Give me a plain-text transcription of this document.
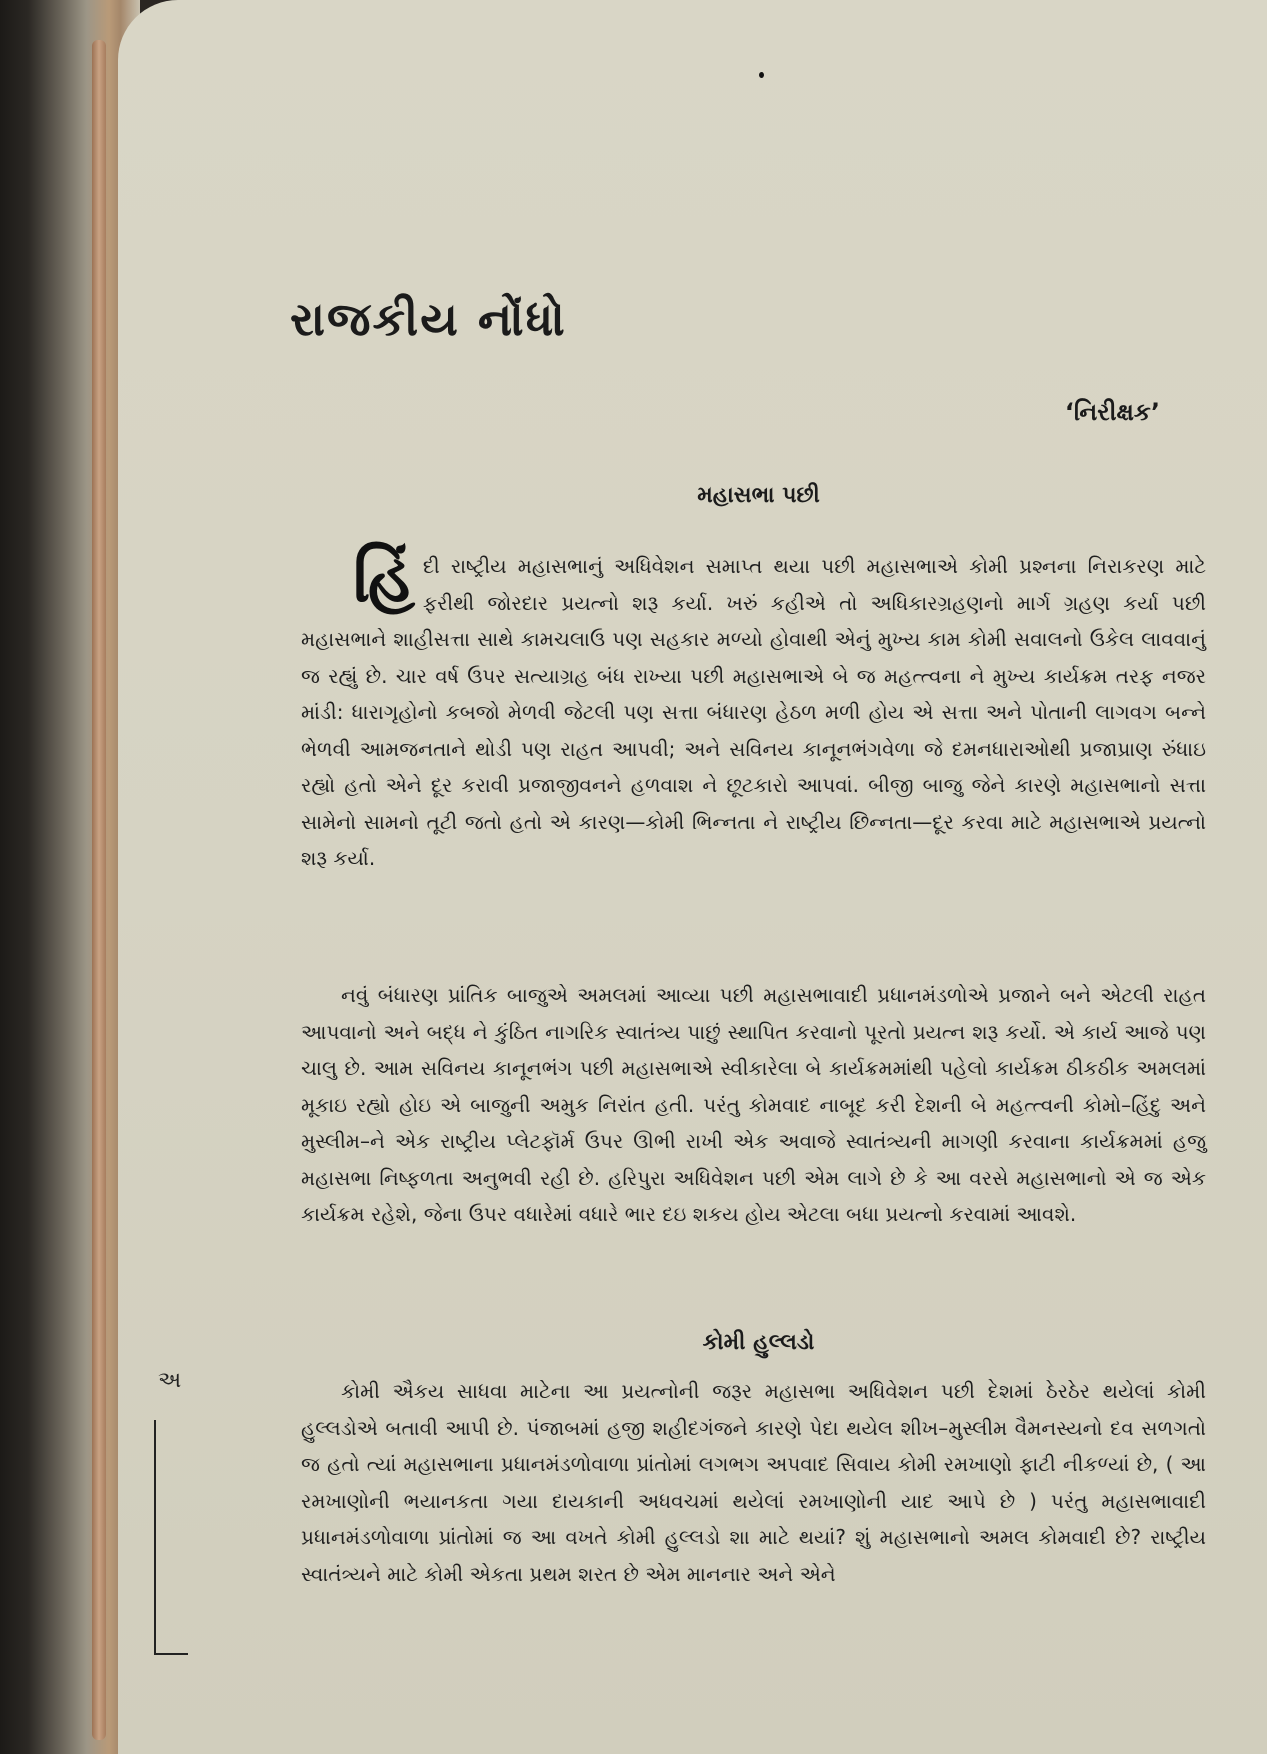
અ
રાજકીય નોંધો
‘નિરીક્ષક’
મહાસભા પછી
હિંદી રાષ્ટ્રીય મહાસભાનું અધિવેશન સમાપ્ત થયા પછી મહાસભાએ કોમી પ્રશ્નના નિરાકરણ માટે ફરીથી જોરદાર પ્રયત્નો શરૂ કર્યા. ખરું કહીએ તો અધિકારગ્રહણનો માર્ગ ગ્રહણ કર્યા પછી મહાસભાને શાહીસત્તા સાથે કામચલાઉ પણ સહકાર મળ્યો હોવાથી એનું મુખ્ય કામ કોમી સવાલનો ઉકેલ લાવવાનું જ રહ્યું છે. ચાર વર્ષ ઉપર સત્યાગ્રહ બંધ રાખ્યા પછી મહાસભાએ બે જ મહત્ત્વના ને મુખ્ય કાર્યક્રમ તરફ નજર માંડી: ધારાગૃહોનો કબજો મેળવી જેટલી પણ સત્તા બંધારણ હેઠળ મળી હોય એ સત્તા અને પોતાની લાગવગ બન્ને ભેળવી આમજનતાને થોડી પણ રાહત આપવી; અને સવિનય કાનૂનભંગવેળા જે દમનધારાઓથી પ્રજાપ્રાણ રુંધાઇ રહ્યો હતો એને દૂર કરાવી પ્રજાજીવનને હળવાશ ને છૂટકારો આપવાં. બીજી બાજુ જેને કારણે મહાસભાનો સત્તા સામેનો સામનો તૂટી જતો હતો એ કારણ—કોમી ભિન્નતા ને રાષ્ટ્રીય છિન્નતા—દૂર કરવા માટે મહાસભાએ પ્રયત્નો શરૂ કર્યા.
નવું બંધારણ પ્રાંતિક બાજુએ અમલમાં આવ્યા પછી મહાસભાવાદી પ્રધાનમંડળોએ પ્રજાને બને એટલી રાહત આપવાનો અને બદ્ધ ને કુંઠિત નાગરિક સ્વાતંત્ર્ય પાછું સ્થાપિત કરવાનો પૂરતો પ્રયત્ન શરૂ કર્યો. એ કાર્ય આજે પણ ચાલુ છે. આમ સવિનય કાનૂનભંગ પછી મહાસભાએ સ્વીકારેલા બે કાર્યક્રમમાંથી પહેલો કાર્યક્રમ ઠીકઠીક અમલમાં મૂકાઇ રહ્યો હોઇ એ બાજુની અમુક નિરાંત હતી. પરંતુ કોમવાદ નાબૂદ કરી દેશની બે મહત્ત્વની કોમો–હિંદુ અને મુસ્લીમ–ને એક રાષ્ટ્રીય પ્લેટફૉર્મ ઉપર ઊભી રાખી એક અવાજે સ્વાતંત્ર્યની માગણી કરવાના કાર્યક્રમમાં હજુ મહાસભા નિષ્ફળતા અનુભવી રહી છે. હરિપુરા અધિવેશન પછી એમ લાગે છે કે આ વરસે મહાસભાનો એ જ એક કાર્યક્રમ રહેશે, જેના ઉપર વધારેમાં વધારે ભાર દઇ શકય હોય એટલા બધા પ્રયત્નો કરવામાં આવશે.
કોમી હુલ્લડો
કોમી ઐકય સાધવા માટેના આ પ્રયત્નોની જરૂર મહાસભા અધિવેશન પછી દેશમાં ઠેરઠેર થયેલાં કોમી હુલ્લડોએ બતાવી આપી છે. પંજાબમાં હજી શહીદગંજને કારણે પેદા થયેલ શીખ–મુસ્લીમ વૈમનસ્યનો દવ સળગતો જ હતો ત્યાં મહાસભાના પ્રધાનમંડળોવાળા પ્રાંતોમાં લગભગ અપવાદ સિવાય કોમી રમખાણો ફાટી નીકળ્યાં છે, ( આ રમખાણોની ભયાનકતા ગયા દાયકાની અધવચમાં થયેલાં રમખાણોની યાદ આપે છે ) પરંતુ મહાસભાવાદી પ્રધાનમંડળોવાળા પ્રાંતોમાં જ આ વખતે કોમી હુલ્લડો શા માટે થયાં? શું મહાસભાનો અમલ કોમવાદી છે? રાષ્ટ્રીય સ્વાતંત્ર્યને માટે કોમી એકતા પ્રથમ શરત છે એમ માનનાર અને એને
